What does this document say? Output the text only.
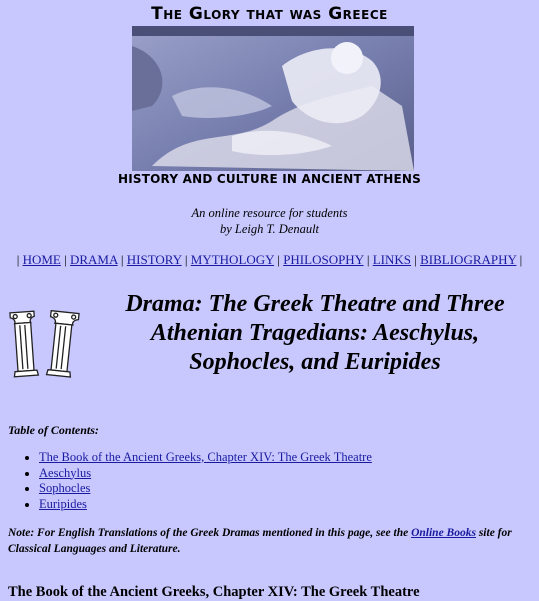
The Glory that was Greece
HISTORY AND CULTURE IN ANCIENT ATHENS
An online resource for students
by Leigh T. Denault
| HOME | DRAMA | HISTORY | MYTHOLOGY | PHILOSOPHY | LINKS | BIBLIOGRAPHY |
Drama: The Greek Theatre and Three Athenian Tragedians: Aeschylus, Sophocles, and Euripides
Table of Contents:
• The Book of the Ancient Greeks, Chapter XIV: The Greek Theatre
• Aeschylus
• Sophocles
• Euripides
Note: For English Translations of the Greek Dramas mentioned in this page, see the Online Books site for Classical Languages and Literature.
The Book of the Ancient Greeks, Chapter XIV: The Greek Theatre
